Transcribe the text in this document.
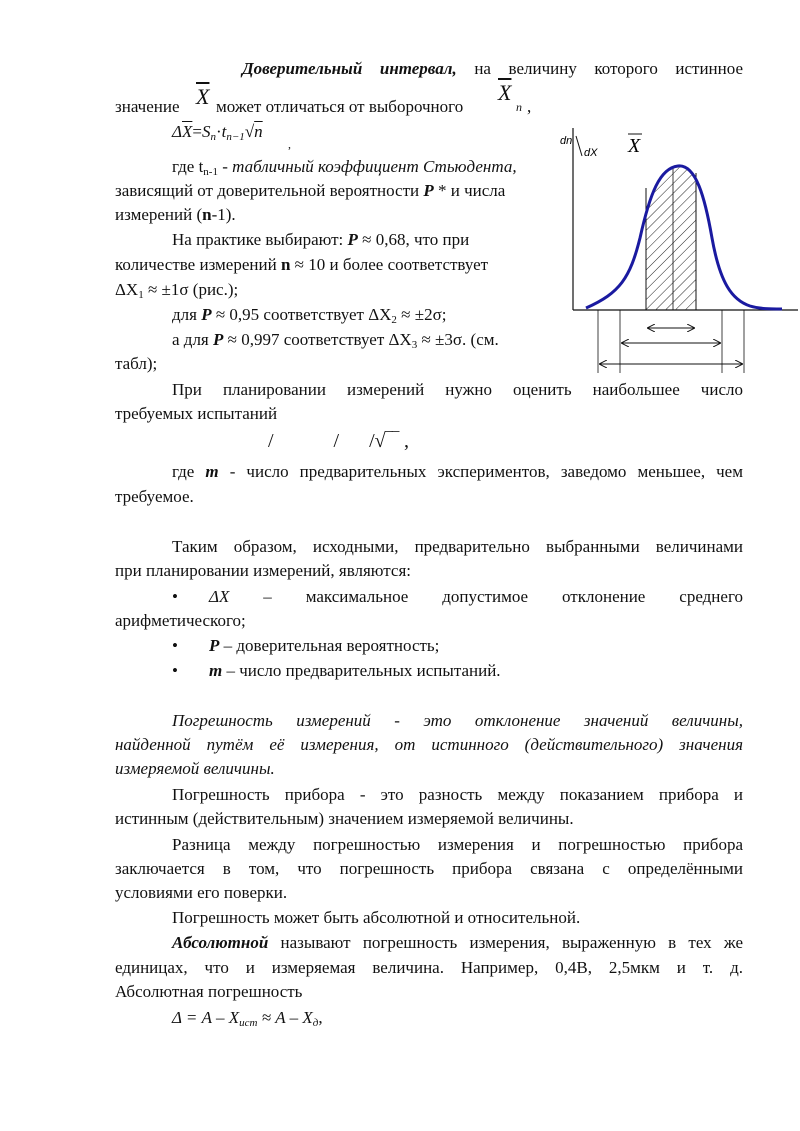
Доверительный интервал, на величину которого истинное
значение $\overline{X}$ может отличаться от выборочного
$\overline{X}$
n ,
$\Delta\overline{X}=S_n\cdot t_{n-1}√n$
,
где $t_{n-1}$ - табличный коэффициент Стьюдента,
зависящий от доверительной вероятности P * и числа
измерений (n-1).
На практике выбирают: P ≈ 0,68, что при
количестве измерений n ≈ 10 и более соответствует
$\Delta X_1 \approx \pm 1\sigma$ (рис.);
для P ≈ 0,95 соответствует $\Delta X_2 \approx \pm 2\sigma$;
а для P ≈ 0,997 соответствует $\Delta X_3 \approx \pm 3\sigma$. (см.
табл);
dn
dX X
При планировании измерений нужно оценить наибольшее число
требуемых испытаний
/            /      /√‾‾ ,
где m - число предварительных экспериментов, заведомо меньшее, чем
требуемое.
Таким образом, исходными, предварительно выбранными величинами
при планировании измерений, являются:
• ΔX – максимальное допустимое отклонение среднего
арифметического;
• P – доверительная вероятность;
• m – число предварительных испытаний.
Погрешность измерений - это отклонение значений величины,
найденной путём её измерения, от истинного (действительного) значения
измеряемой величины.
Погрешность прибора - это разность между показанием прибора и
истинным (действительным) значением измеряемой величины.
Разница между погрешностью измерения и погрешностью прибора
заключается в том, что погрешность прибора связана с определёнными
условиями его поверки.
Погрешность может быть абсолютной и относительной.
Абсолютной называют погрешность измерения, выраженную в тех же
единицах, что и измеряемая величина. Например, 0,4В, 2,5мкм и т. д.
Абсолютная погрешность
$\Delta = A - X_{ист} \approx A - X_д$,
